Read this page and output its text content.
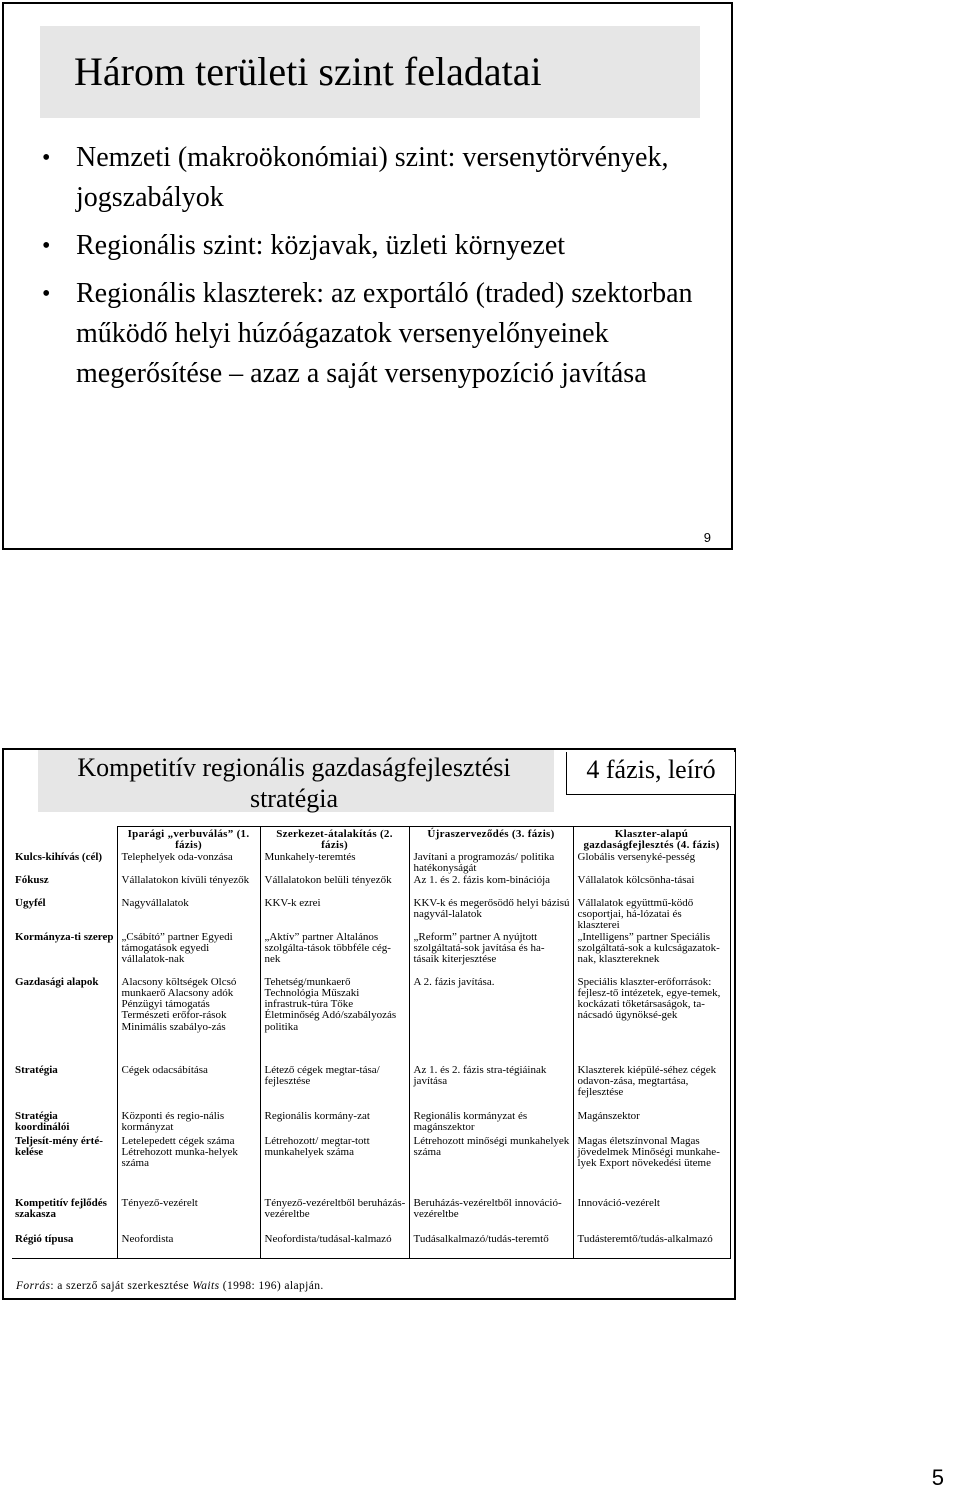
Három területi szint feladatai
• Nemzeti (makroökonómiai) szint: versenytörvények, jogszabályok
• Regionális szint: közjavak, üzleti környezet
• Regionális klaszterek: az exportáló (traded) szektorban működő helyi húzóágazatok versenyelőnyeinek megerősítése – azaz a saját versenypozíció javítása
9
Kompetitív regionális gazdaságfejlesztési stratégia
4 fázis, leíró
	Iparági „verbuválás” (1. fázis)	Szerkezet-átalakítás (2. fázis)	Újraszerveződés (3. fázis)	Klaszter-alapú gazdaságfejlesztés (4. fázis)
Kulcs-kihívás (cél)	Telephelyek oda-vonzása	Munkahely-teremtés	Javítani a programozás/ politika hatékonyságát	Globális versenyké-pesség
Fókusz	Vállalatokon kívüli tényezők	Vállalatokon belüli tényezők	Az 1. és 2. fázis kom-binációja	Vállalatok kölcsönha-tásai
Ügyfél	Nagyvállalatok	KKV-k ezrei	KKV-k és megerősödő helyi bázisú nagyvál-lalatok	Vállalatok együttmű-ködő csoportjai, há-lózatai és klaszterei
Kormányza-ti szerep	„Csábító” partner Egyedi támogatások egyedi vállalatok-nak	„Aktív” partner Általános szolgálta-tások többféle cég-nek	„Reform” partner A nyújtott szolgáltatá-sok javítása és ha-tásaik kiterjesztése	„Intelligens” partner Speciális szolgáltatá-sok a kulcságazatok-nak, klasztereknek
Gazdasági alapok	Alacsony költségek Olcsó munkaerő Alacsony adók Pénzügyi támogatás Természeti erőfor-rások Minimális szabályo-zás	Tehetség/munkaerő Technológia Műszaki infrastruk-túra Tőke Életminőség Adó/szabályozás politika	A 2. fázis javítása.	Speciális klaszter-erőforrások: fejlesz-tő intézetek, egye-temek, kockázati tőketársaságok, ta-nácsadó ügynöksé-gek
Stratégia	Cégek odacsábítása	Létező cégek megtar-tása/ fejlesztése	Az 1. és 2. fázis stra-tégiáinak javítása	Klaszterek kiépülé-séhez cégek odavon-zása, megtartása, fejlesztése
Stratégia koordinálói	Központi és regio-nális kormányzat	Regionális kormány-zat	Regionális kormányzat és magánszektor	Magánszektor
Teljesít-mény érté-kelése	Letelepedett cégek száma Létrehozott munka-helyek száma	Létrehozott/ megtar-tott munkahelyek száma	Létrehozott minőségi munkahelyek száma	Magas életszínvonal Magas jövedelmek Minőségi munkahe-lyek Export növekedési üteme
Kompetitív fejlődés szakasza	Tényező-vezérelt	Tényező-vezéreltből beruházás-vezéreltbe	Beruházás-vezéreltből innováció-vezéreltbe	Innováció-vezérelt
Régió típusa	Neofordista	Neofordista/tudásal-kalmazó	Tudásalkalmazó/tudás-teremtő	Tudásteremtő/tudás-alkalmazó
Forrás: a szerző saját szerkesztése Waits (1998: 196) alapján.
5
